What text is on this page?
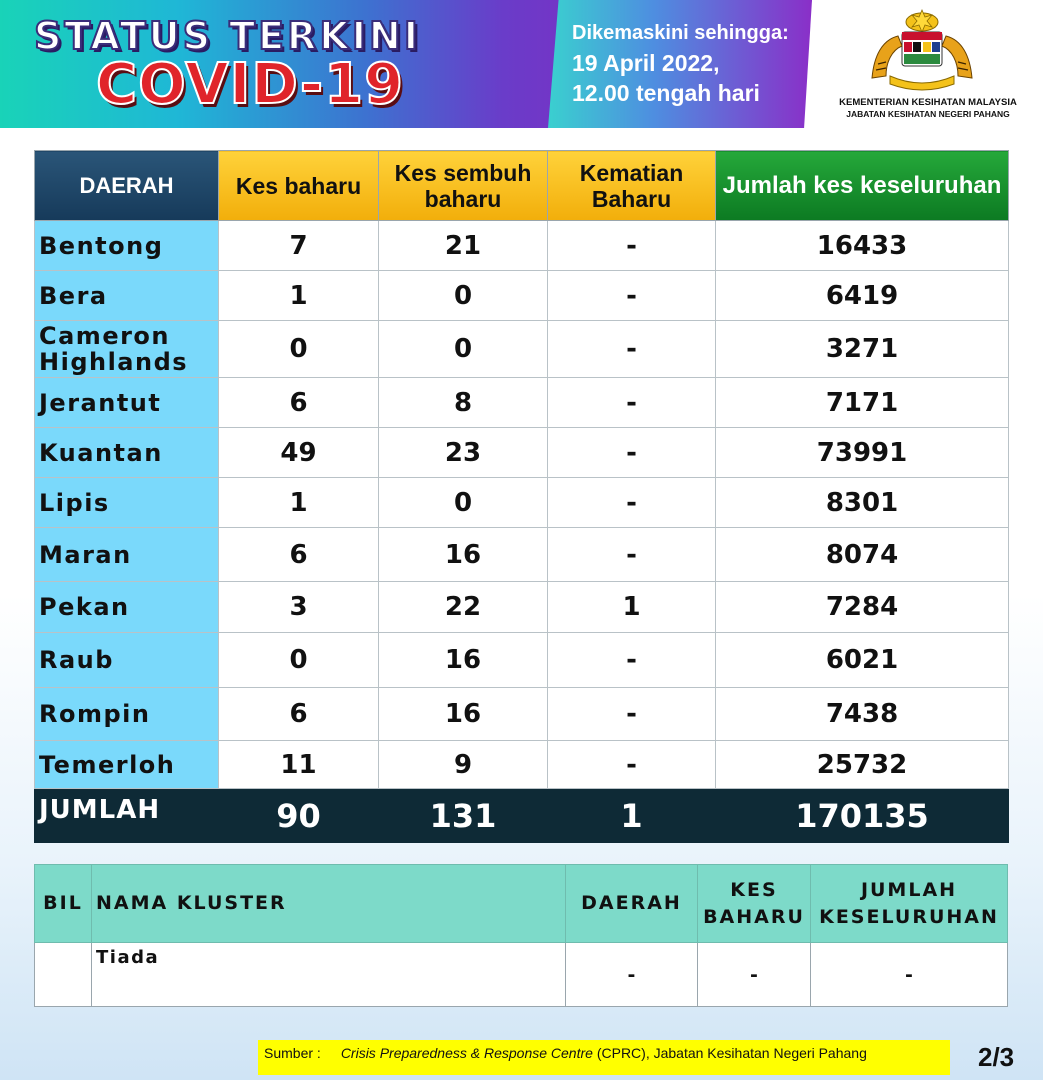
STATUS TERKINI
COVID-19
Dikemaskini sehingga:
19 April 2022,
12.00 tengah hari	KEMENTERIAN KESIHATAN MALAYSIA
JABATAN KESIHATAN NEGERI PAHANG
DAERAH	Kes baharu	Kes sembuh
baharu	Kematian
Baharu	Jumlah kes keseluruhan
Bentong	7	21	-	16433
Bera	1	0	-	6419
Cameron
Highlands	0	0	-	3271
Jerantut	6	8	-	7171
Kuantan	49	23	-	73991
Lipis	1	0	-	8301
Maran	6	16	-	8074
Pekan	3	22	1	7284
Raub	0	16	-	6021
Rompin	6	16	-	7438
Temerloh	11	9	-	25732
JUMLAH	90	131	1	170135
BIL	NAMA KLUSTER	DAERAH	KES
BAHARU	JUMLAH
KESELURUHAN
	Tiada	-	-	-
Sumber : Crisis Preparedness & Response Centre (CPRC), Jabatan Kesihatan Negeri Pahang	2/3
